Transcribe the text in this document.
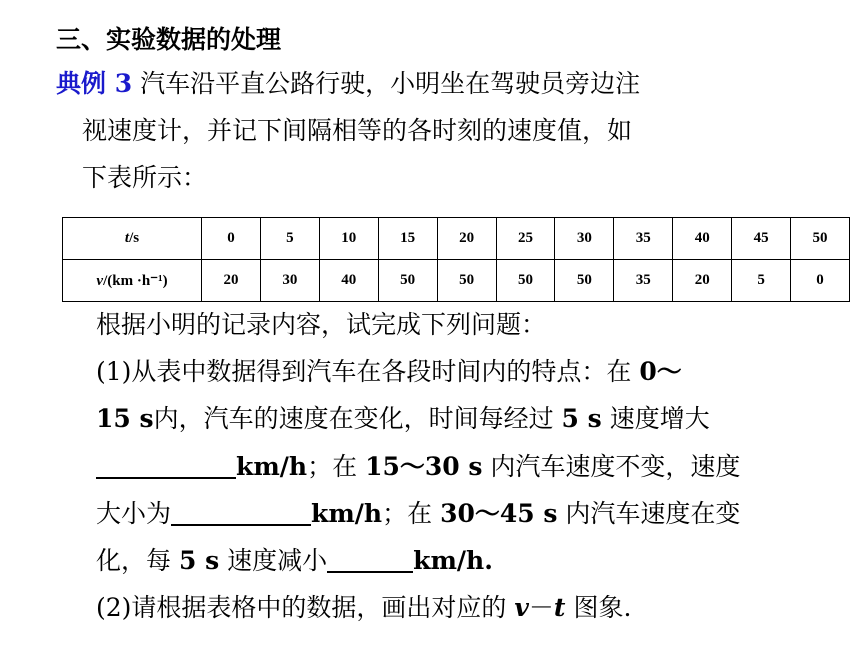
三、实验数据的处理
典例 3 汽车沿平直公路行驶，小明坐在驾驶员旁边注
视速度计，并记下间隔相等的各时刻的速度值，如
下表所示：
t/s	0	5	10	15	20	25	30	35	40	45	50
v/(km ·h⁻¹)	20	30	40	50	50	50	50	35	20	5	0
根据小明的记录内容，试完成下列问题：
(1)从表中数据得到汽车在各段时间内的特点：在 0～
15 s内，汽车的速度在变化，时间每经过 5 s 速度增大
km/h；在 15～30 s 内汽车速度不变，速度
大小为	km/h；在 30～45 s 内汽车速度在变
化，每 5 s 速度减小	km/h.
(2)请根据表格中的数据，画出对应的 v－t 图象.
